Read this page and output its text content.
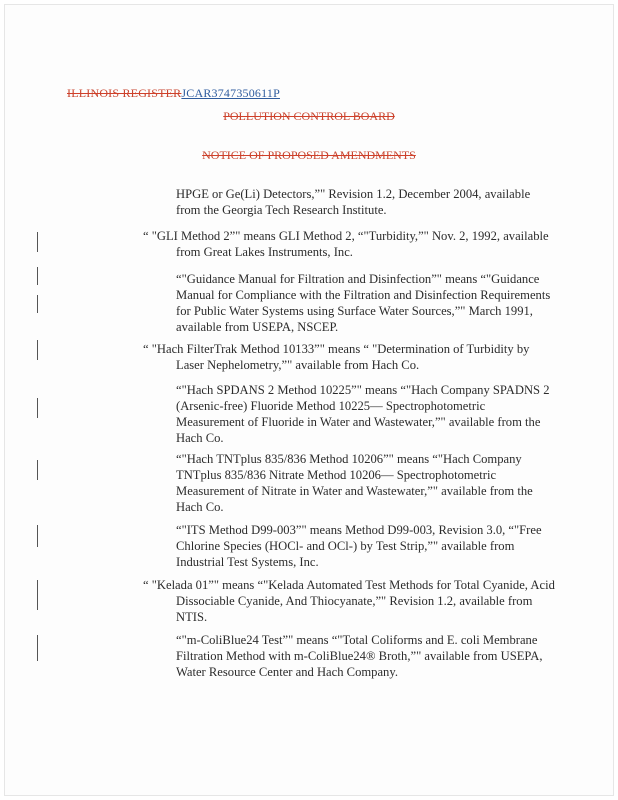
ILLINOIS REGISTERJCAR3747350611P
POLLUTION CONTROL BOARD
NOTICE OF PROPOSED AMENDMENTS
HPGE or Ge(Li) Detectors,”" Revision 1.2, December 2004, available
from the Georgia Tech Research Institute.
“ "GLI Method 2”" means GLI Method 2, “"Turbidity,”" Nov. 2, 1992, available
from Great Lakes Instruments, Inc.
“"Guidance Manual for Filtration and Disinfection”" means “"Guidance
Manual for Compliance with the Filtration and Disinfection Requirements
for Public Water Systems using Surface Water Sources,”" March 1991,
available from USEPA, NSCEP.
“ "Hach FilterTrak Method 10133”" means “ "Determination of Turbidity by
Laser Nephelometry,”" available from Hach Co.
“"Hach SPDANS 2 Method 10225”" means “"Hach Company SPADNS 2
(Arsenic-free) Fluoride Method 10225— Spectrophotometric
Measurement of Fluoride in Water and Wastewater,”" available from the
Hach Co.
“"Hach TNTplus 835/836 Method 10206”" means “"Hach Company
TNTplus 835/836 Nitrate Method 10206— Spectrophotometric
Measurement of Nitrate in Water and Wastewater,”" available from the
Hach Co.
“"ITS Method D99-003”" means Method D99-003, Revision 3.0, “"Free
Chlorine Species (HOCl- and OCl-) by Test Strip,”" available from
Industrial Test Systems, Inc.
“ "Kelada 01”" means “"Kelada Automated Test Methods for Total Cyanide, Acid
Dissociable Cyanide, And Thiocyanate,”" Revision 1.2, available from
NTIS.
“"m-ColiBlue24 Test”" means “"Total Coliforms and E. coli Membrane
Filtration Method with m-ColiBlue24® Broth,”" available from USEPA,
Water Resource Center and Hach Company.
